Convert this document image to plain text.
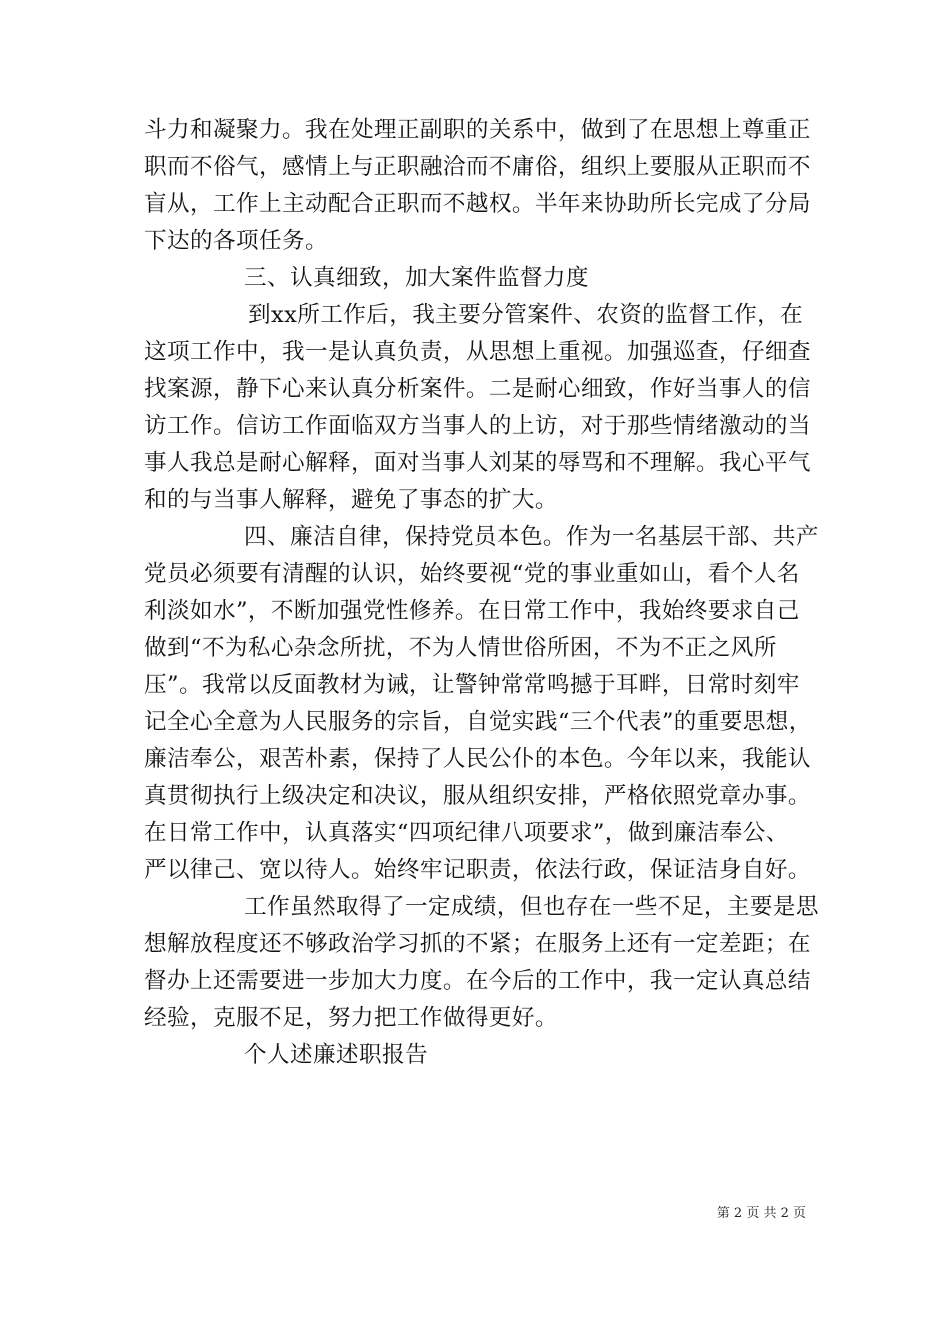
斗力和凝聚力。我在处理正副职的关系中，做到了在思想上尊重正
职而不俗气，感情上与正职融洽而不庸俗，组织上要服从正职而不
盲从，工作上主动配合正职而不越权。半年来协助所长完成了分局
下达的各项任务。
三、认真细致，加大案件监督力度
到xx所工作后，我主要分管案件、农资的监督工作，在
这项工作中，我一是认真负责，从思想上重视。加强巡查，仔细查
找案源，静下心来认真分析案件。二是耐心细致，作好当事人的信
访工作。信访工作面临双方当事人的上访，对于那些情绪激动的当
事人我总是耐心解释，面对当事人刘某的辱骂和不理解。我心平气
和的与当事人解释，避免了事态的扩大。
四、廉洁自律，保持党员本色。作为一名基层干部、共产
党员必须要有清醒的认识，始终要视“党的事业重如山，看个人名
利淡如水”，不断加强党性修养。在日常工作中，我始终要求自己
做到“不为私心杂念所扰，不为人情世俗所困，不为不正之风所
压”。我常以反面教材为诫，让警钟常常鸣撼于耳畔，日常时刻牢
记全心全意为人民服务的宗旨，自觉实践“三个代表”的重要思想，
廉洁奉公，艰苦朴素，保持了人民公仆的本色。今年以来，我能认
真贯彻执行上级决定和决议，服从组织安排，严格依照党章办事。
在日常工作中，认真落实“四项纪律八项要求”，做到廉洁奉公、
严以律己、宽以待人。始终牢记职责，依法行政，保证洁身自好。
工作虽然取得了一定成绩，但也存在一些不足，主要是思
想解放程度还不够政治学习抓的不紧；在服务上还有一定差距；在
督办上还需要进一步加大力度。在今后的工作中，我一定认真总结
经验，克服不足，努力把工作做得更好。
个人述廉述职报告
第 2 页 共 2 页
